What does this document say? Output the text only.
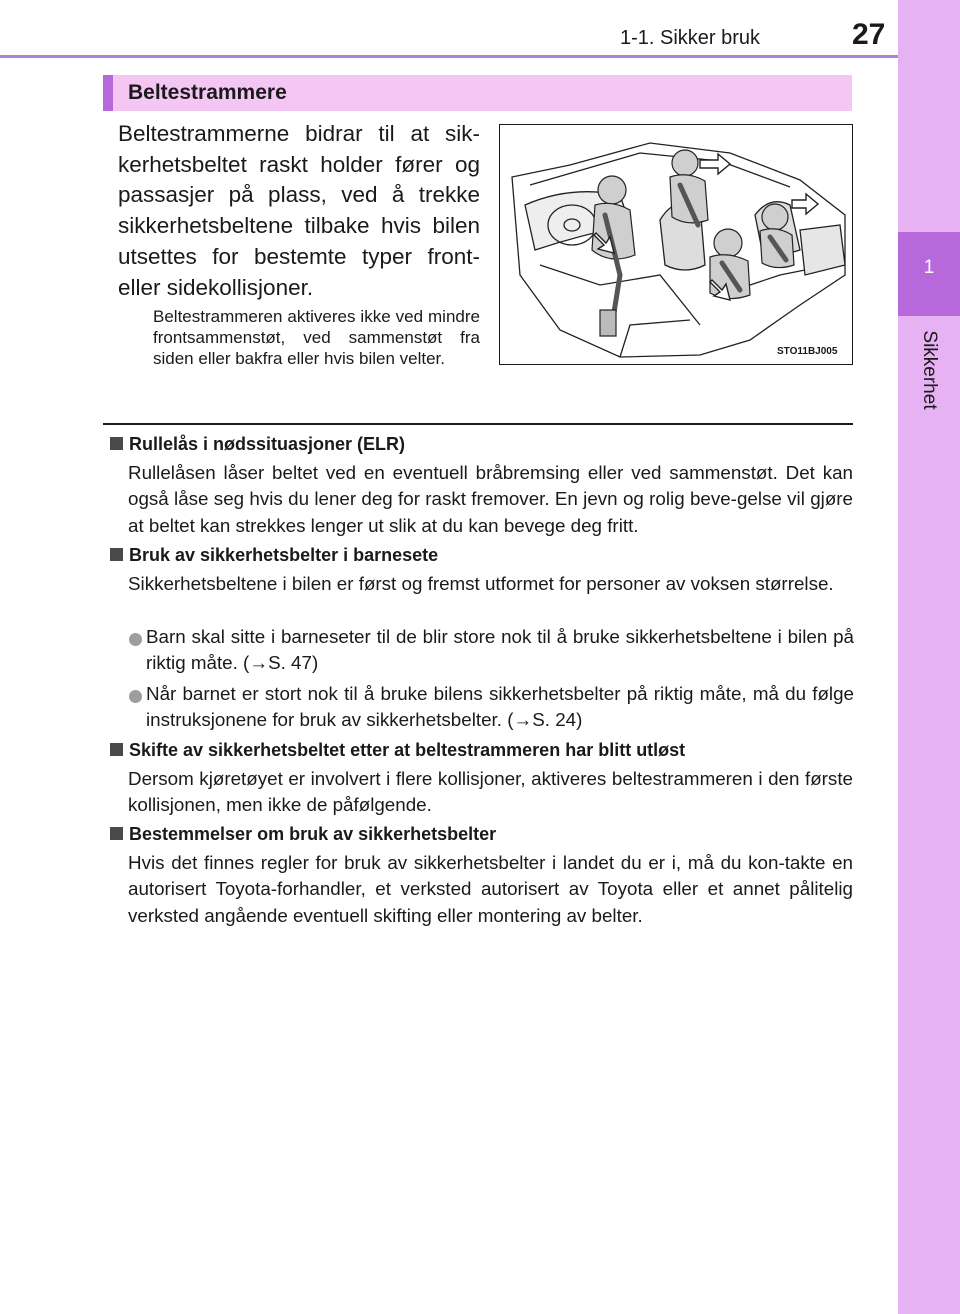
1-1. Sikker bruk	27
1
Sikkerhet
Beltestrammere
Beltestrammerne bidrar til at sik-kerhetsbeltet raskt holder fører og passasjer på plass, ved å trekke sikkerhetsbeltene tilbake hvis bilen utsettes for bestemte typer front- eller sidekollisjoner.
Beltestrammeren aktiveres ikke ved mindre frontsammenstøt, ved sammenstøt fra siden eller bakfra eller hvis bilen velter.	STO11BJ005
Rullelås i nødssituasjoner (ELR)
Rullelåsen låser beltet ved en eventuell bråbremsing eller ved sammenstøt. Det kan også låse seg hvis du lener deg for raskt fremover. En jevn og rolig beve-gelse vil gjøre at beltet kan strekkes lenger ut slik at du kan bevege deg fritt.
Bruk av sikkerhetsbelter i barnesete
Sikkerhetsbeltene i bilen er først og fremst utformet for personer av voksen størrelse.
Barn skal sitte i barneseter til de blir store nok til å bruke sikkerhetsbeltene i bilen på riktig måte. (→S. 47)
Når barnet er stort nok til å bruke bilens sikkerhetsbelter på riktig måte, må du følge instruksjonene for bruk av sikkerhetsbelter. (→S. 24)
Skifte av sikkerhetsbeltet etter at beltestrammeren har blitt utløst
Dersom kjøretøyet er involvert i flere kollisjoner, aktiveres beltestrammeren i den første kollisjonen, men ikke de påfølgende.
Bestemmelser om bruk av sikkerhetsbelter
Hvis det finnes regler for bruk av sikkerhetsbelter i landet du er i, må du kon-takte en autorisert Toyota-forhandler, et verksted autorisert av Toyota eller et annet pålitelig verksted angående eventuell skifting eller montering av belter.
